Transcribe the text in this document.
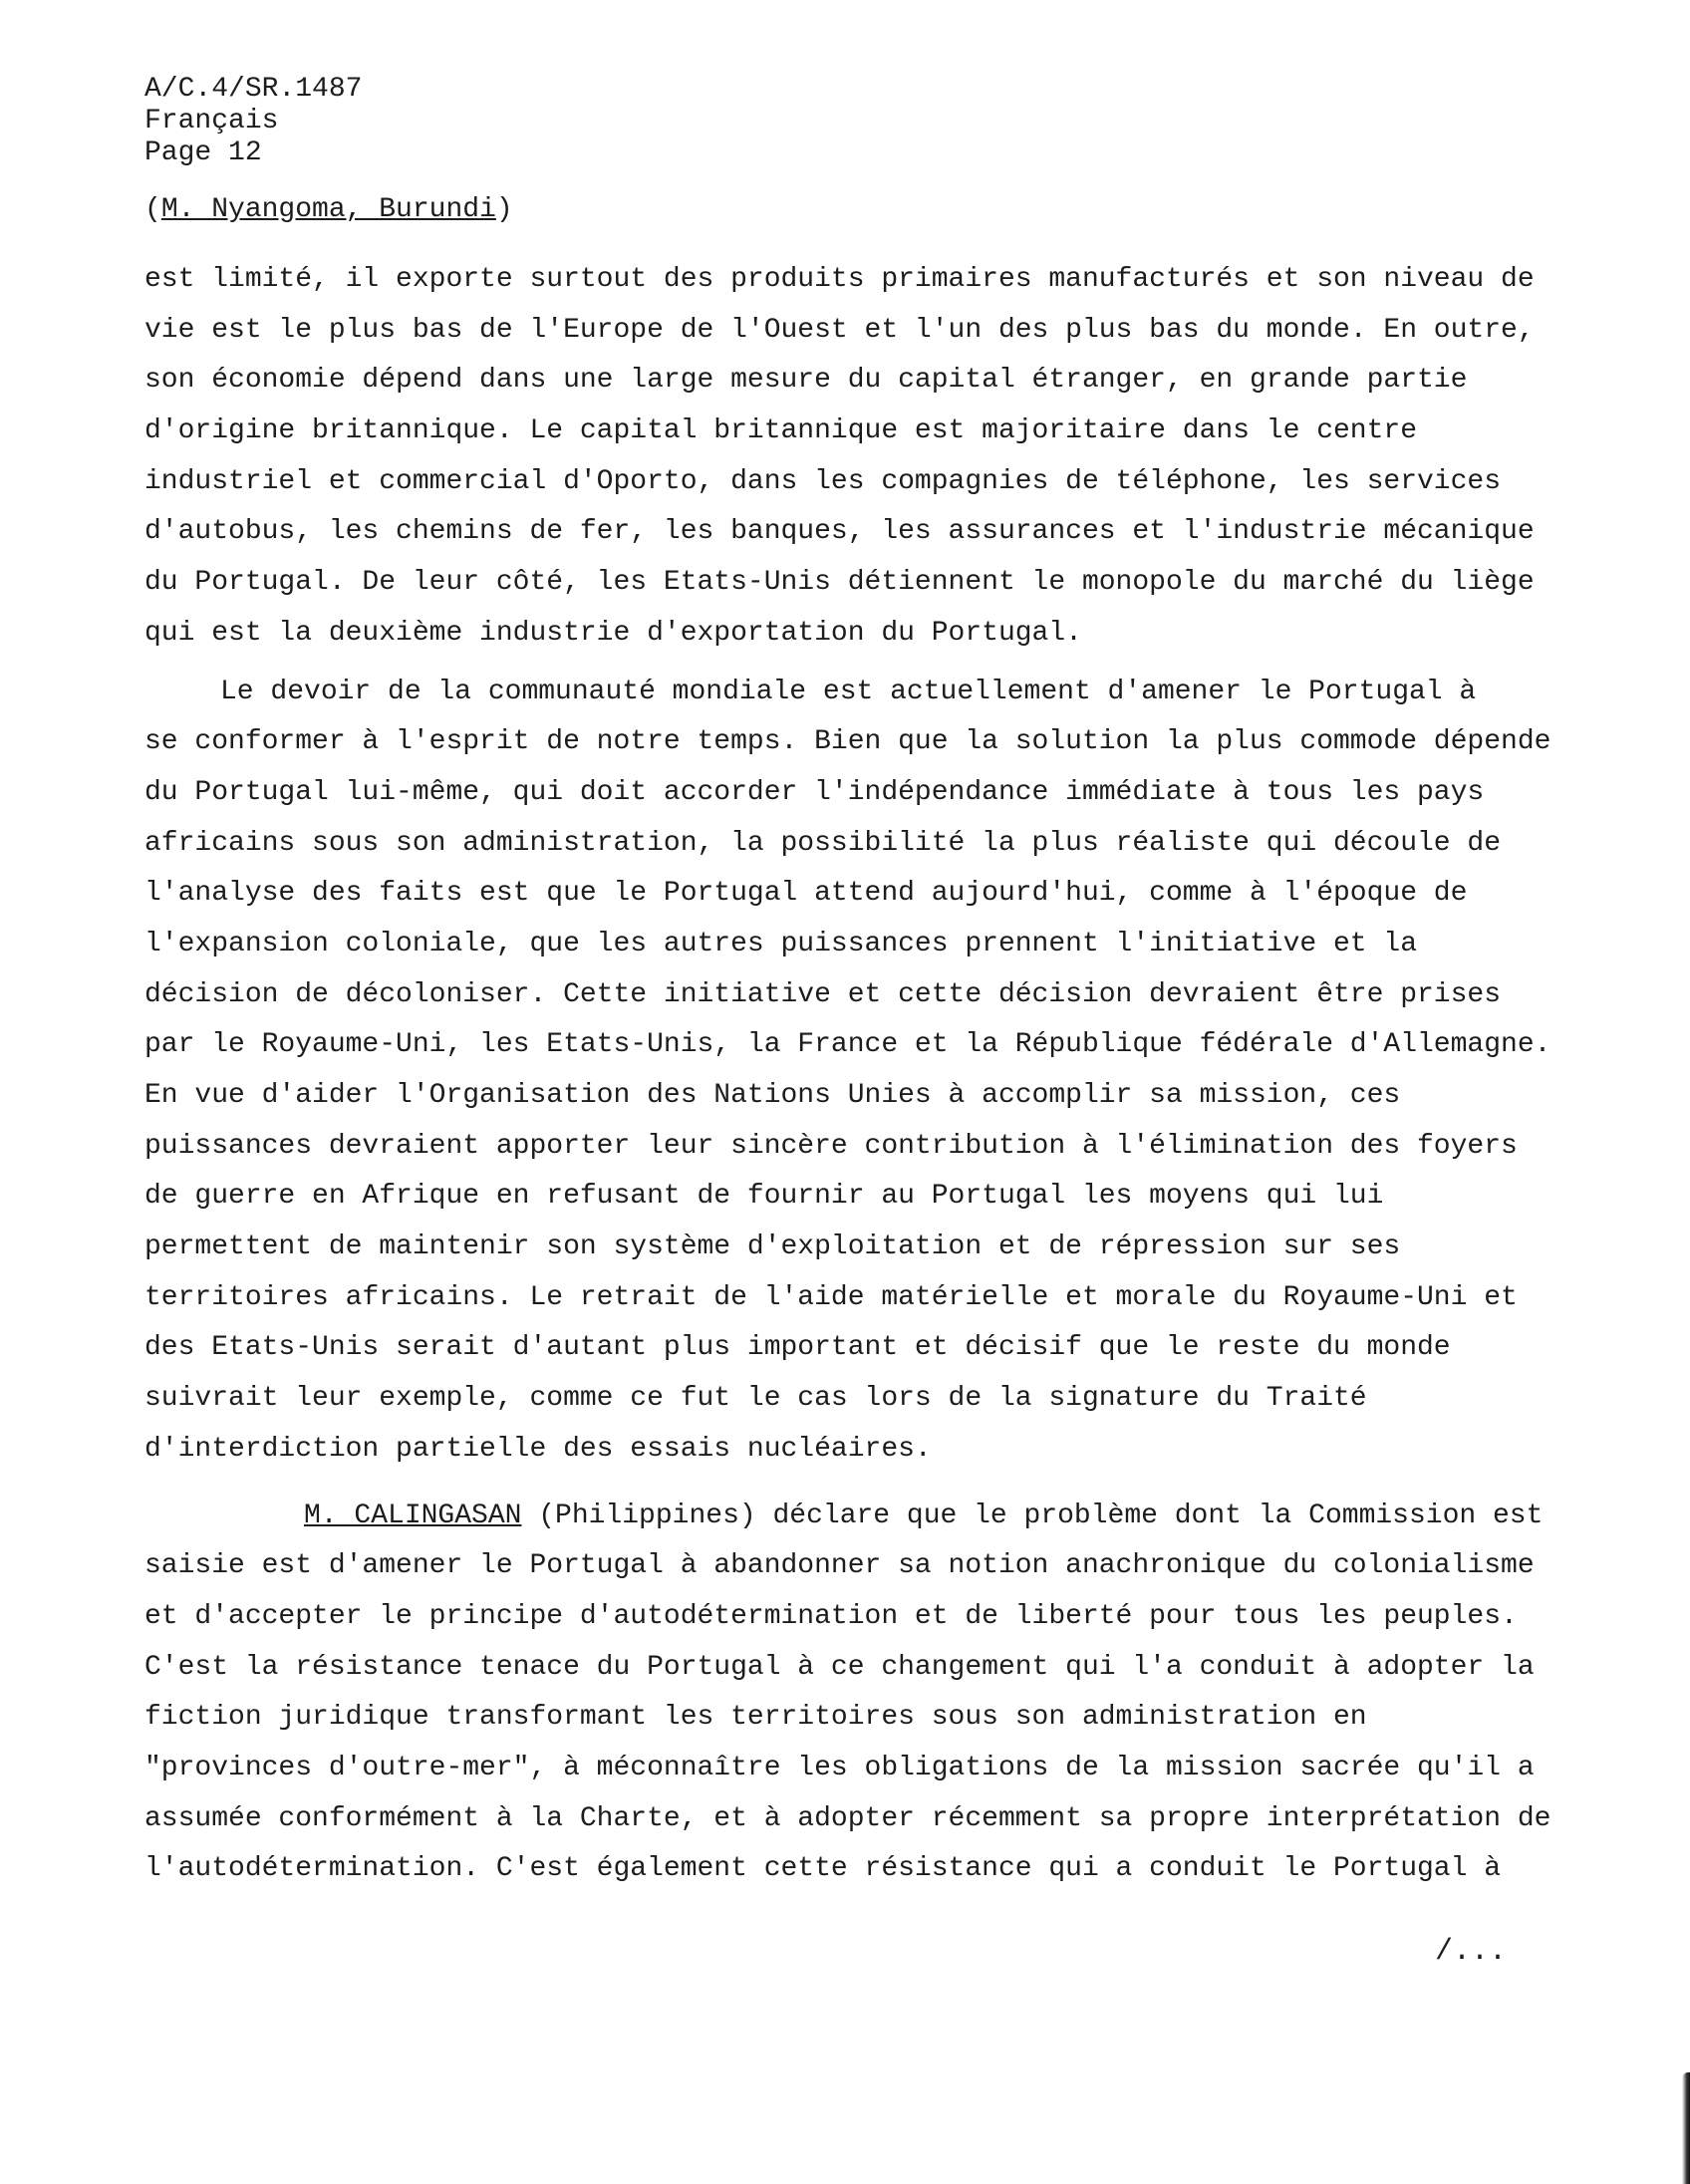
A/C.4/SR.1487
Français
Page 12
(M. Nyangoma, Burundi)
est limité, il exporte surtout des produits primaires manufacturés et son niveau de
vie est le plus bas de l'Europe de l'Ouest et l'un des plus bas du monde. En outre,
son économie dépend dans une large mesure du capital étranger, en grande partie
d'origine britannique. Le capital britannique est majoritaire dans le centre
industriel et commercial d'Oporto, dans les compagnies de téléphone, les services
d'autobus, les chemins de fer, les banques, les assurances et l'industrie mécanique
du Portugal. De leur côté, les Etats-Unis détiennent le monopole du marché du liège
qui est la deuxième industrie d'exportation du Portugal.
Le devoir de la communauté mondiale est actuellement d'amener le Portugal à
se conformer à l'esprit de notre temps. Bien que la solution la plus commode dépende
du Portugal lui-même, qui doit accorder l'indépendance immédiate à tous les pays
africains sous son administration, la possibilité la plus réaliste qui découle de
l'analyse des faits est que le Portugal attend aujourd'hui, comme à l'époque de
l'expansion coloniale, que les autres puissances prennent l'initiative et la
décision de décoloniser. Cette initiative et cette décision devraient être prises
par le Royaume-Uni, les Etats-Unis, la France et la République fédérale d'Allemagne.
En vue d'aider l'Organisation des Nations Unies à accomplir sa mission, ces
puissances devraient apporter leur sincère contribution à l'élimination des foyers
de guerre en Afrique en refusant de fournir au Portugal les moyens qui lui
permettent de maintenir son système d'exploitation et de répression sur ses
territoires africains. Le retrait de l'aide matérielle et morale du Royaume-Uni et
des Etats-Unis serait d'autant plus important et décisif que le reste du monde
suivrait leur exemple, comme ce fut le cas lors de la signature du Traité
d'interdiction partielle des essais nucléaires.
M. CALINGASAN (Philippines) déclare que le problème dont la Commission est
saisie est d'amener le Portugal à abandonner sa notion anachronique du colonialisme
et d'accepter le principe d'autodétermination et de liberté pour tous les peuples.
C'est la résistance tenace du Portugal à ce changement qui l'a conduit à adopter la
fiction juridique transformant les territoires sous son administration en
"provinces d'outre-mer", à méconnaître les obligations de la mission sacrée qu'il a
assumée conformément à la Charte, et à adopter récemment sa propre interprétation de
l'autodétermination. C'est également cette résistance qui a conduit le Portugal à
/...
